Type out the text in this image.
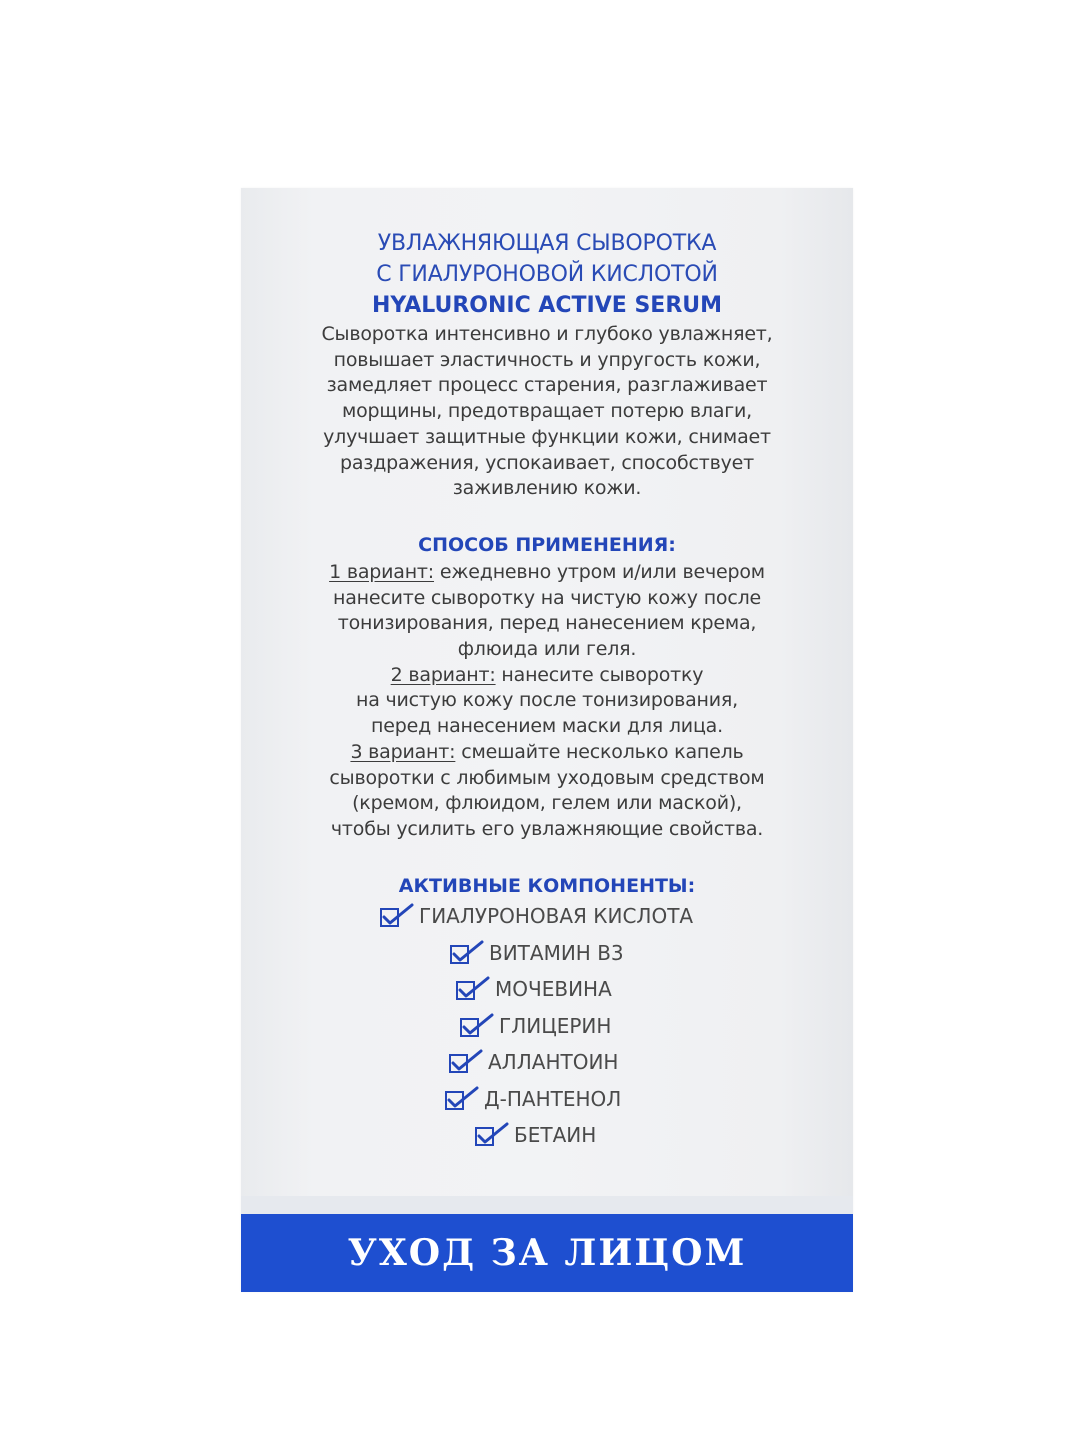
УВЛАЖНЯЮЩАЯ СЫВОРОТКА
С ГИАЛУРОНОВОЙ КИСЛОТОЙ
HYALURONIC ACTIVE SERUM
Сыворотка интенсивно и глубоко увлажняет,
повышает эластичность и упругость кожи,
замедляет процесс старения, разглаживает
морщины, предотвращает потерю влаги,
улучшает защитные функции кожи, снимает
раздражения, успокаивает, способствует
заживлению кожи.
СПОСОБ ПРИМЕНЕНИЯ:
1 вариант: ежедневно утром и/или вечером
нанесите сыворотку на чистую кожу после
тонизирования, перед нанесением крема,
флюида или геля.
2 вариант: нанесите сыворотку
на чистую кожу после тонизирования,
перед нанесением маски для лица.
3 вариант: смешайте несколько капель
сыворотки с любимым уходовым средством
(кремом, флюидом, гелем или маской),
чтобы усилить его увлажняющие свойства.
АКТИВНЫЕ КОМПОНЕНТЫ:
ГИАЛУРОНОВАЯ КИСЛОТА
ВИТАМИН В3
МОЧЕВИНА
ГЛИЦЕРИН
АЛЛАНТОИН
Д-ПАНТЕНОЛ
БЕТАИН
УХОД ЗА ЛИЦОМ
